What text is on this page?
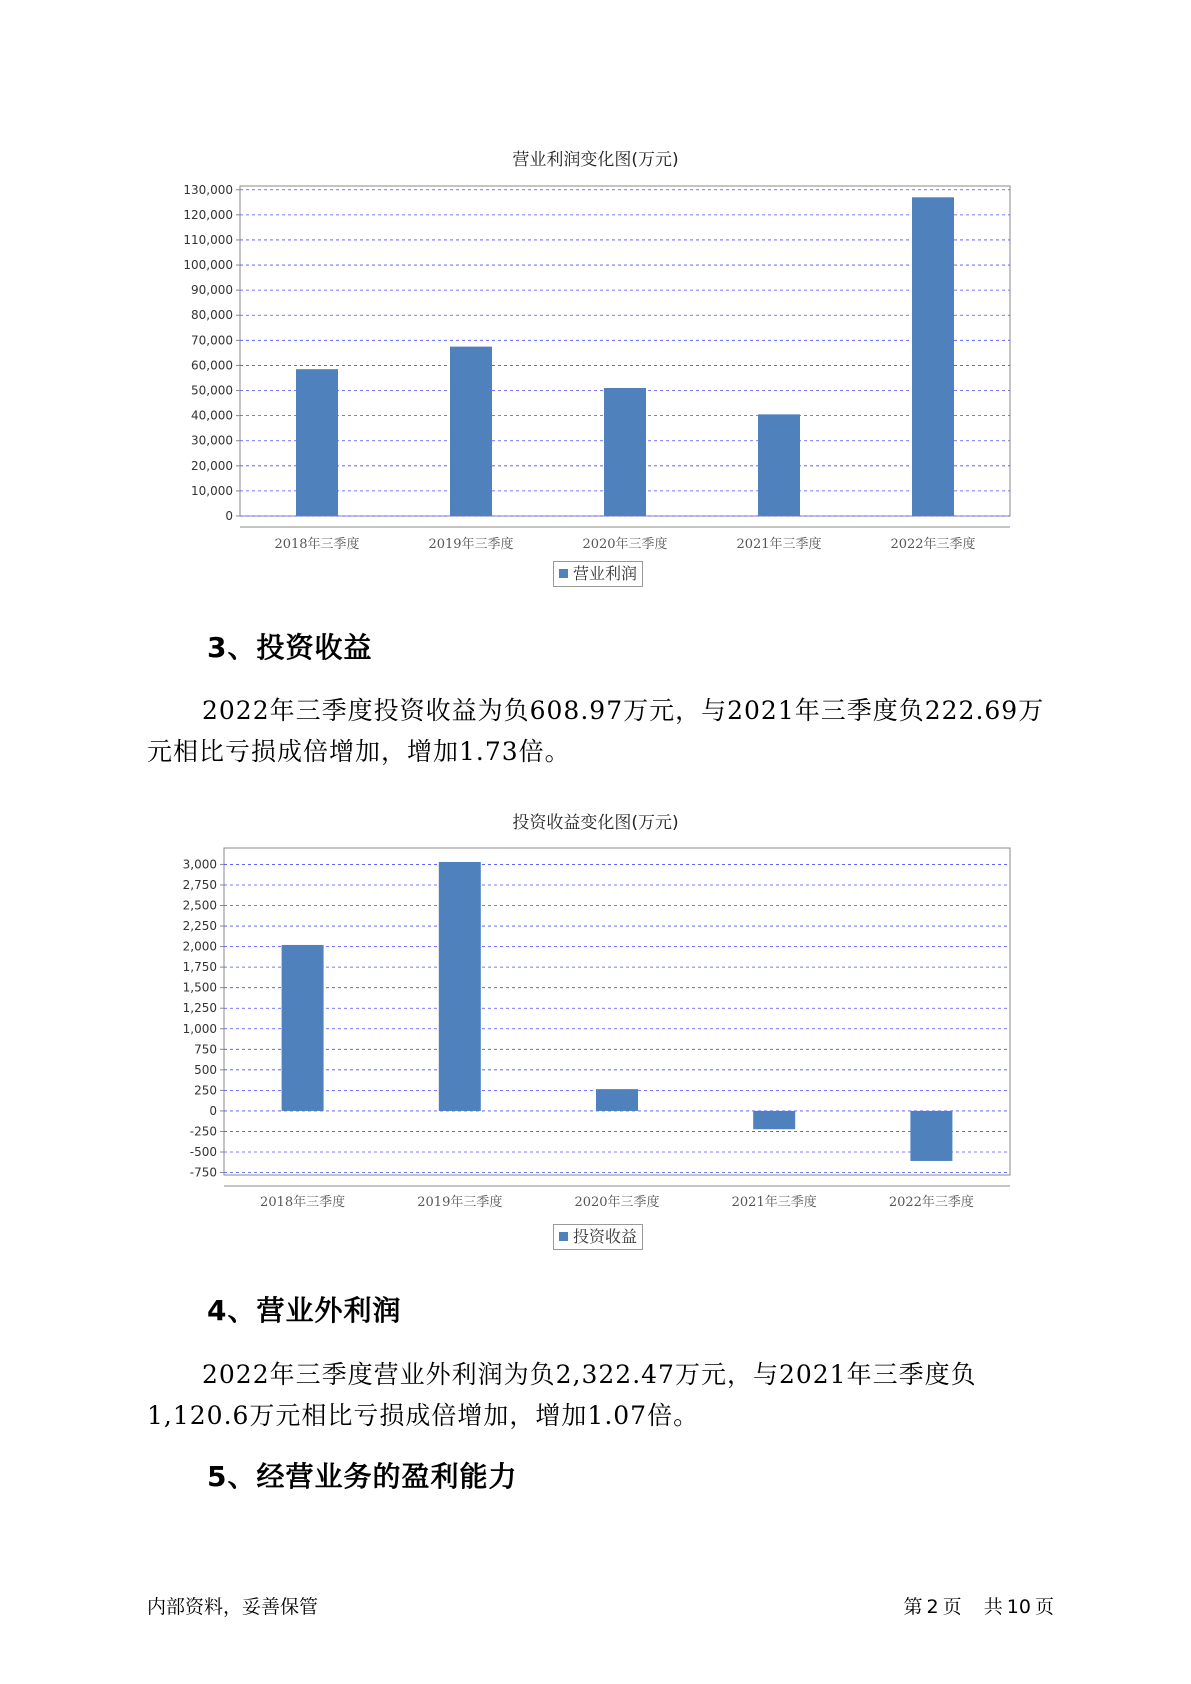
营业利润变化图(万元)
0
10,000
20,000
30,000
40,000
50,000
60,000
70,000
80,000
90,000
100,000
110,000
120,000
130,000
2018年三季度	2019年三季度	2020年三季度	2021年三季度	2022年三季度
营业利润
3、投资收益

2022年三季度投资收益为负608.97万元，与2021年三季度负222.69万
元相比亏损成倍增加，增加1.73倍。

投资收益变化图(万元)
-750
-500
-250
0
250
500
750
1,000
1,250
1,500
1,750
2,000
2,250
2,500
2,750
3,000
2018年三季度	2019年三季度	2020年三季度	2021年三季度	2022年三季度
投资收益
4、营业外利润

2022年三季度营业外利润为负2,322.47万元，与2021年三季度负
1,120.6万元相比亏损成倍增加，增加1.07倍。

5、经营业务的盈利能力
内部资料，妥善保管	第 2 页 共 10 页
